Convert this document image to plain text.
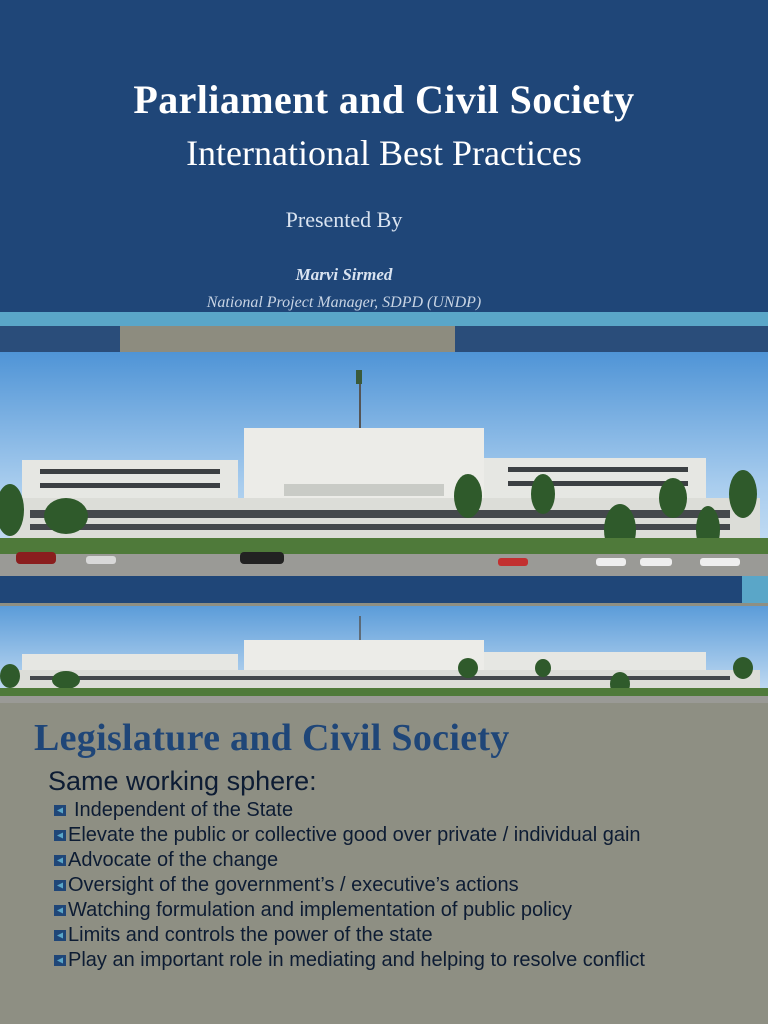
Parliament and Civil Society
International Best Practices
Presented By
Marvi Sirmed
National Project Manager, SDPD (UNDP)
Legislature and Civil Society
Same working sphere:
Independent of the State
Elevate the public or collective good over private / individual gain
Advocate of the change
Oversight of the government’s / executive’s actions
Watching formulation and implementation of public policy
Limits and controls the power of the state
Play an important role in mediating and helping to resolve conflict
